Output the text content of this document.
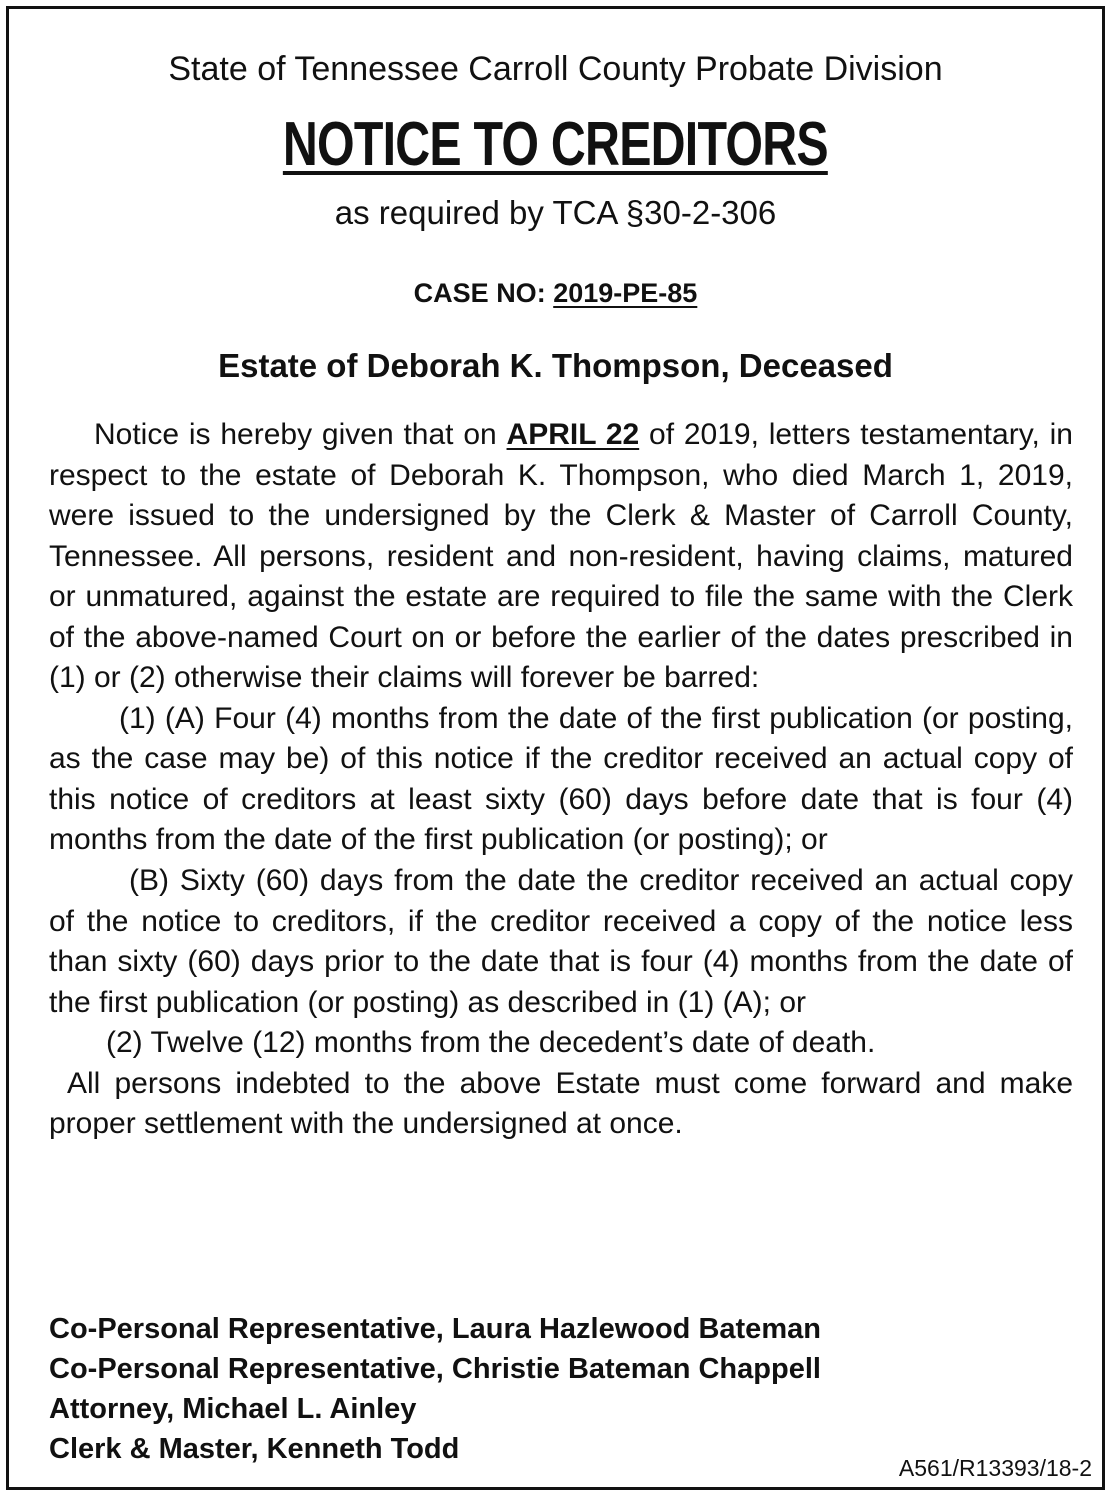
State of Tennessee Carroll County Probate Division
NOTICE TO CREDITORS
as required by TCA §30-2-306
CASE NO: 2019-PE-85
Estate of Deborah K. Thompson, Deceased

Notice is hereby given that on APRIL 22 of 2019, letters testamentary, in respect to the estate of Deborah K. Thompson, who died March 1, 2019, were issued to the undersigned by the Clerk & Master of Carroll County, Tennessee. All persons, resident and non-resident, having claims, matured or unmatured, against the estate are required to file the same with the Clerk of the above-named Court on or before the earlier of the dates prescribed in (1) or (2) otherwise their claims will forever be barred:

(1) (A) Four (4) months from the date of the first publication (or posting, as the case may be) of this notice if the creditor received an actual copy of this notice of creditors at least sixty (60) days before date that is four (4) months from the date of the first publication (or posting); or

(B) Sixty (60) days from the date the creditor received an actual copy of the notice to creditors, if the creditor received a copy of the notice less than sixty (60) days prior to the date that is four (4) months from the date of the first publication (or posting) as described in (1) (A); or

(2) Twelve (12) months from the decedent’s date of death.

All persons indebted to the above Estate must come forward and make proper settlement with the undersigned at once.

Co-Personal Representative, Laura Hazlewood Bateman
Co-Personal Representative, Christie Bateman Chappell
Attorney, Michael L. Ainley
Clerk & Master, Kenneth Todd
A561/R13393/18-2
